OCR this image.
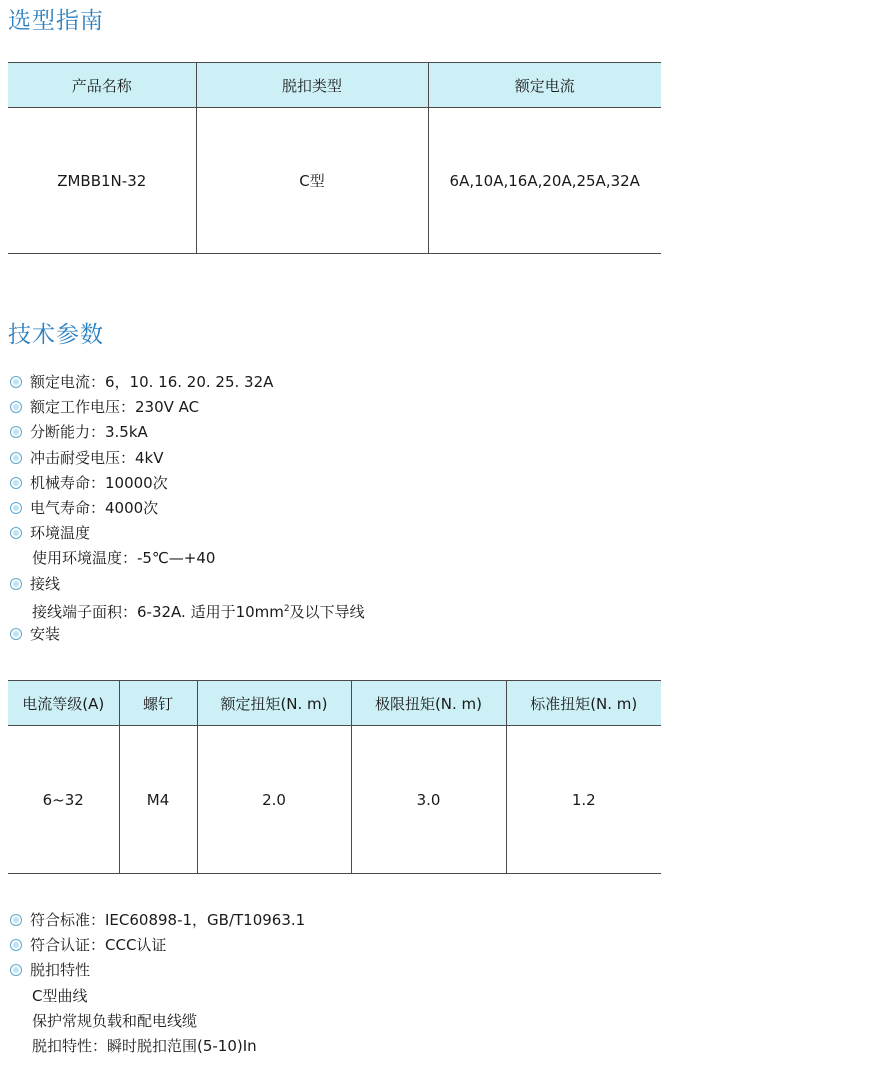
选型指南
产品名称	脱扣类型	额定电流
ZMBB1N-32	C型	6A,10A,16A,20A,25A,32A
技术参数
额定电流：6，10. 16. 20. 25. 32A
额定工作电压：230V AC
分断能力：3.5kA
冲击耐受电压：4kV
机械寿命：10000次
电气寿命：4000次
环境温度
使用环境温度：-5℃—+40
接线
接线端子面积：6-32A. 适用于$10mm^2$及以下导线
安装
电流等级(A)	螺钉	额定扭矩(N. m)	极限扭矩(N. m)	标准扭矩(N. m)
6~32	M4	2.0	3.0	1.2
符合标准：IEC60898-1，GB/T10963.1
符合认证：CCC认证
脱扣特性
C型曲线
保护常规负载和配电线缆
脱扣特性：瞬时脱扣范围(5-10)In
